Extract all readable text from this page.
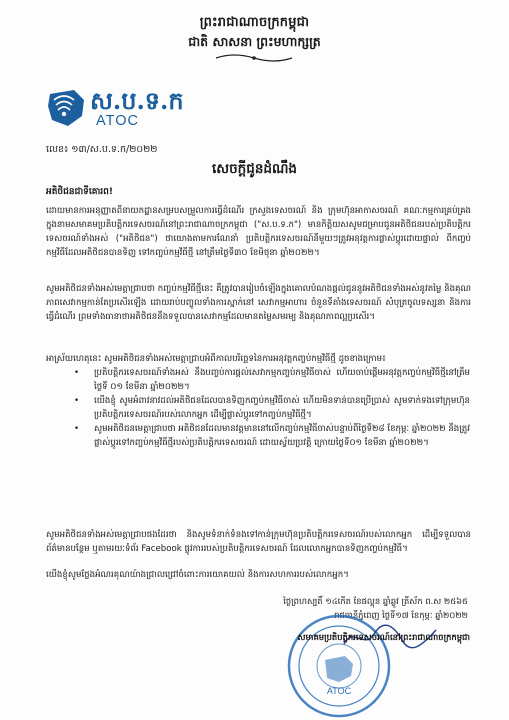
ព្រះរាជាណាចក្រកម្ពុជា
ជាតិ សាសនា ព្រះមហាក្សត្រ
ស.ប.ទ.ក
ATOC
លេខ៖ ១៣/ស.ប.ទ.ក/២០២២
សេចក្ដីជូនដំណឹង
អតិថិជនជាទីគោរព!
ដោយមានការអនុញ្ញាតពីនាយកដ្ឋានសម្របសម្រួលការធ្វើដំណើរ ក្រសួងទេសចរណ៍ និង ក្រុមហ៊ុនអាកាសចរណ៍ គណៈកម្មការគ្រប់គ្រងក្នុងនាមសមាគមប្រតិបត្តិករទេសចរណ៍នៅព្រះរាជាណាចក្រកម្ពុជា ("ស.ប.ទ.ក") មានកិត្តិយសសូមជម្រាបជូនអតិថិជនរបស់ប្រតិបត្តិករទេសចរណ៍ទាំងអស់ ("អតិថិជន") ថាយោងតាមការណែនាំ ប្រតិបត្តិករទេសចរណ៍នីមួយៗត្រូវអនុវត្តការផ្លាស់ប្ដូរដោយផ្ទាល់ ពីកញ្ចប់កម្មវិធីដែលអតិថិជនបានទិញ ទៅកញ្ចប់កម្មវិធីថ្មី នៅត្រឹមថ្ងៃទី៣០ ខែមិថុនា ឆ្នាំ២០២២។
សូមអតិថិជនទាំងអស់មេត្តាជ្រាបថា កញ្ចប់កម្មវិធីថ្មីនេះ គឺត្រូវបានរៀបចំឡើងក្នុងគោលបំណងផ្ដល់ជូននូវអតិថិជនទាំងអស់នូវតម្លៃ និងគុណភាពសេវាកម្មកាន់តែប្រសើរឡើង ដោយរាប់បញ្ចូលទាំងការស្នាក់នៅ សេវាកម្មអាហារ ចំនួនទីតាំងទេសចរណ៍ សំបុត្រចូលទស្សនា និងការធ្វើដំណើរ ព្រមទាំងធានាថាអតិថិជននឹងទទួលបានសេវាកម្មដែលមានតម្លៃសមរម្យ និងគុណភាពល្អប្រសើរ។
អាស្រ័យហេតុនេះ សូមអតិថិជនទាំងអស់មេត្តាជ្រាបអំពីកាលបរិច្ឆេទនៃការអនុវត្តកញ្ចប់កម្មវិធីថ្មី ដូចខាងក្រោម៖
• ប្រតិបត្តិករទេសចរណ៍ទាំងអស់ នឹងបញ្ចប់ការផ្ដល់សេវាកម្មកញ្ចប់កម្មវិធីចាស់ ហើយចាប់ផ្ដើមអនុវត្តកញ្ចប់កម្មវិធីថ្មីនៅត្រឹមថ្ងៃទី ០១ ខែមីនា ឆ្នាំ២០២២។
• យើងខ្ញុំ សូមអំពាវនាវដល់អតិថិជនដែលបានទិញកញ្ចប់កម្មវិធីចាស់ ហើយមិនទាន់បានប្រើប្រាស់ សូមទាក់ទងទៅក្រុមហ៊ុនប្រតិបត្តិករទេសចរណ៍របស់លោកអ្នក ដើម្បីផ្លាស់ប្ដូរទៅកញ្ចប់កម្មវិធីថ្មី។
• សូមអតិថិជនមេត្តាជ្រាបថា អតិថិជនដែលមានវត្តមាននៅលើកញ្ចប់កម្មវិធីចាស់បន្ទាប់ពីថ្ងៃទី២៨ ខែកុម្ភៈ ឆ្នាំ២០២២ នឹងត្រូវផ្លាស់ប្ដូរទៅកញ្ចប់កម្មវិធីថ្មីរបស់ប្រតិបត្តិករទេសចរណ៍ ដោយស្វ័យប្រវត្តិ ក្រោយថ្ងៃទី០១ ខែមីនា ឆ្នាំ២០២២។
សូមអតិថិជនទាំងអស់មេត្តាជ្រាបផងដែរថា និងសូមទំនាក់ទំនងទៅកាន់ក្រុមហ៊ុនប្រតិបត្តិករទេសចរណ៍របស់លោកអ្នក ដើម្បីទទួលបានព័ត៌មានបន្ថែម ឬតាមរយៈទំព័រ Facebook ផ្លូវការរបស់ប្រតិបត្តិករទេសចរណ៍ ដែលលោកអ្នកបានទិញកញ្ចប់កម្មវិធី។
យើងខ្ញុំសូមថ្លែងអំណរគុណយ៉ាងជ្រាលជ្រៅចំពោះការយោគយល់ និងការសហការរបស់លោកអ្នក។
ថ្ងៃព្រហស្បតិ៍ ១៤កើត ខែផល្គុន ឆ្នាំឆ្លូវ ត្រីស័ក ព.ស ២៥៦៥
រាជធានីភ្នំពេញ ថ្ងៃទី១៧ ខែកុម្ភៈ ឆ្នាំ២០២២
ATOC
សមាគមប្រតិបត្តិករទេសចរណ៍នៅព្រះរាជាណាចក្រកម្ពុជា
